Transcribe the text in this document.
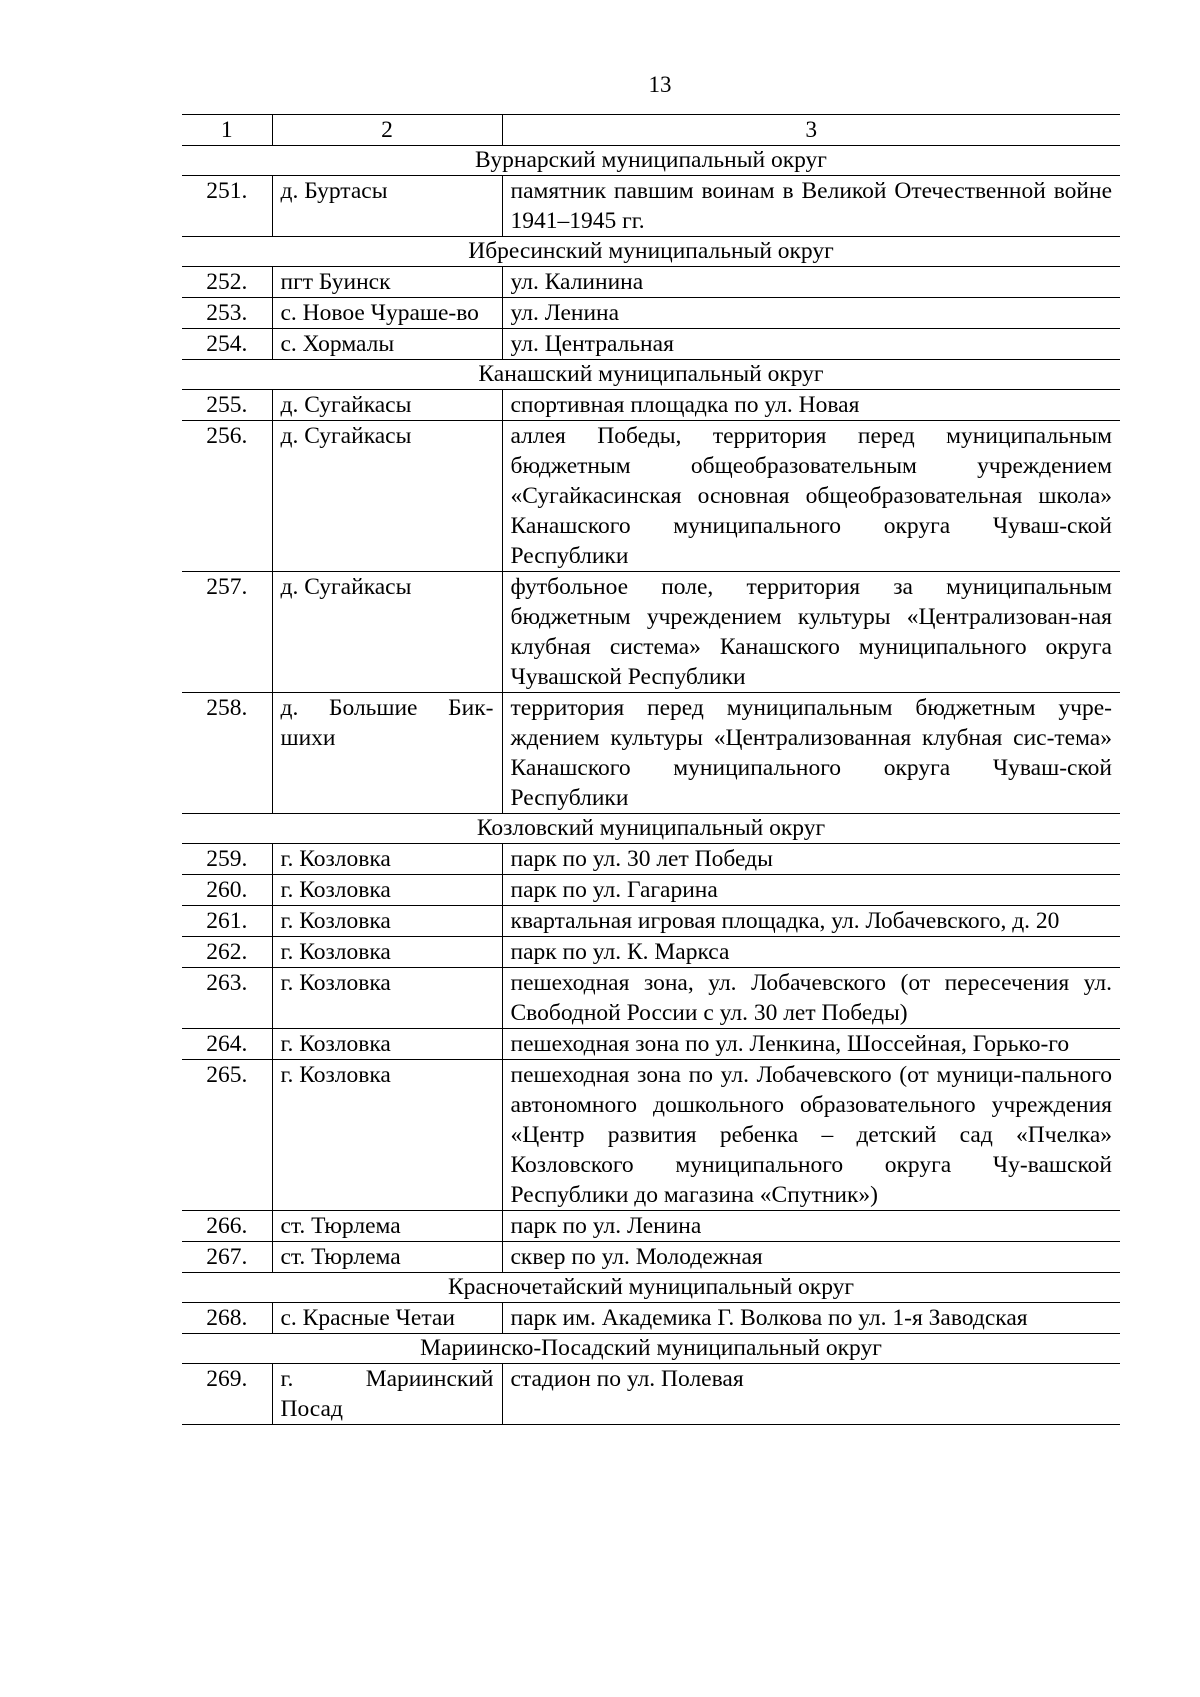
13
1	2	3
Вурнарский муниципальный округ		
251.	д. Буртасы	памятник павшим воинам в Великой Отечественной войне 1941–1945 гг.
Ибресинский муниципальный округ		
252.	пгт Буинск	ул. Калинина
253.	с. Новое Чураше-во	ул. Ленина
254.	с. Хормалы	ул. Центральная
Канашский муниципальный округ		
255.	д. Сугайкасы	спортивная площадка по ул. Новая
256.	д. Сугайкасы	аллея Победы, территория перед муниципальным бюджетным общеобразовательным учреждением «Сугайкасинская основная общеобразовательная школа» Канашского муниципального округа Чуваш-ской Республики
257.	д. Сугайкасы	футбольное поле, территория за муниципальным бюджетным учреждением культуры «Централизован-ная клубная система» Канашского муниципального округа Чувашской Республики
258.	д. Большие Бик-шихи	территория перед муниципальным бюджетным учре-ждением культуры «Централизованная клубная сис-тема» Канашского муниципального округа Чуваш-ской Республики
Козловский муниципальный округ		
259.	г. Козловка	парк по ул. 30 лет Победы
260.	г. Козловка	парк по ул. Гагарина
261.	г. Козловка	квартальная игровая площадка, ул. Лобачевского, д. 20
262.	г. Козловка	парк по ул. К. Маркса
263.	г. Козловка	пешеходная зона, ул. Лобачевского (от пересечения ул. Свободной России с ул. 30 лет Победы)
264.	г. Козловка	пешеходная зона по ул. Ленкина, Шоссейная, Горько-го
265.	г. Козловка	пешеходная зона по ул. Лобачевского (от муници-пального автономного дошкольного образовательного учреждения «Центр развития ребенка – детский сад «Пчелка» Козловского муниципального округа Чу-вашской Республики до магазина «Спутник»)
266.	ст. Тюрлема	парк по ул. Ленина
267.	ст. Тюрлема	сквер по ул. Молодежная
Красночетайский муниципальный округ		
268.	с. Красные Четаи	парк им. Академика Г. Волкова по ул. 1-я Заводская
Мариинско-Посадский муниципальный округ		
269.	г. Мариинский Посад	стадион по ул. Полевая
